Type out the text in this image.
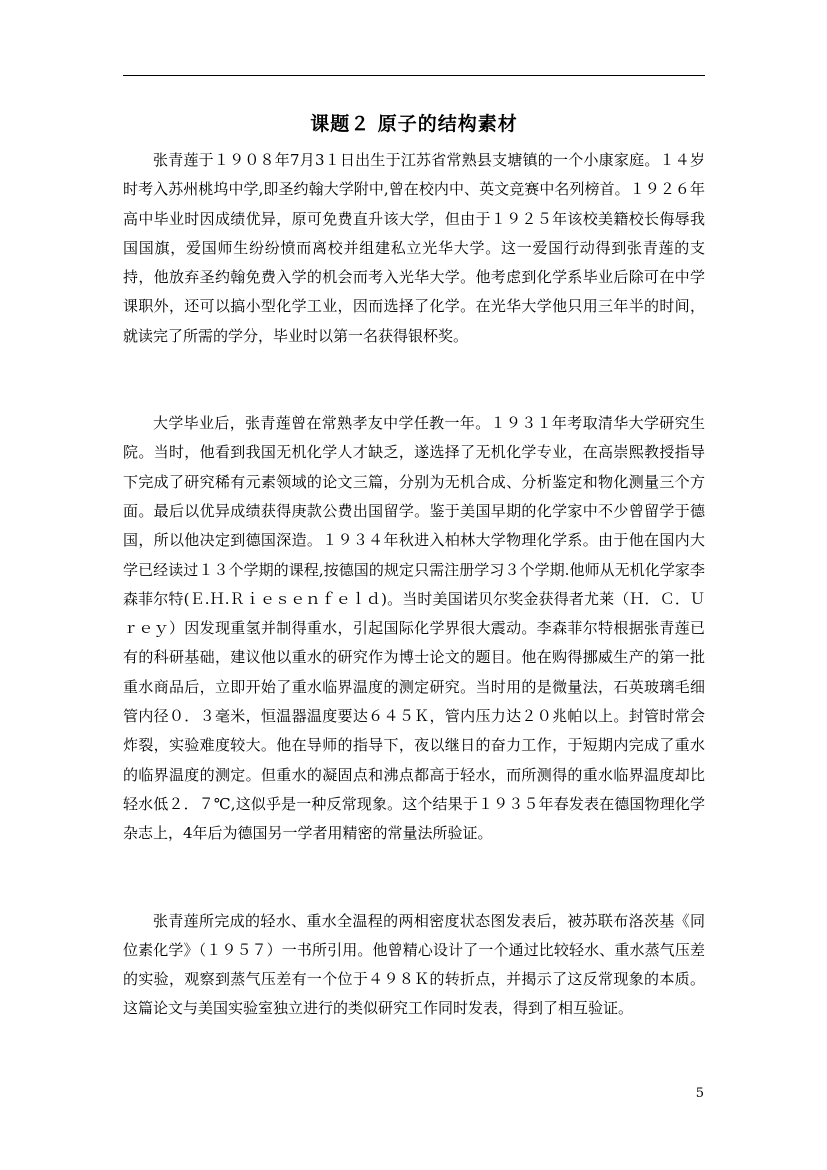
课题２ 原子的结构素材

张青莲于１９０８年7月3１日出生于江苏省常熟县支塘镇的一个小康家庭。１４岁时考入苏州桃坞中学,即圣约翰大学附中,曾在校内中、英文竞赛中名列榜首。１９２６年高中毕业时因成绩优异，原可免费直升该大学，但由于１９２５年该校美籍校长侮辱我国国旗，爱国师生纷纷愤而离校并组建私立光华大学。这一爱国行动得到张青莲的支持，他放弃圣约翰免费入学的机会而考入光华大学。他考虑到化学系毕业后除可在中学课职外，还可以搞小型化学工业，因而选择了化学。在光华大学他只用三年半的时间，就读完了所需的学分，毕业时以第一名获得银杯奖。

大学毕业后，张青莲曾在常熟孝友中学任教一年。１９３１年考取清华大学研究生院。当时，他看到我国无机化学人才缺乏，遂选择了无机化学专业，在高崇熙教授指导下完成了研究稀有元素领域的论文三篇，分别为无机合成、分析鉴定和物化测量三个方面。最后以优异成绩获得庚款公费出国留学。鉴于美国早期的化学家中不少曾留学于德国，所以他决定到德国深造。１９３４年秋进入柏林大学物理化学系。由于他在国内大学已经读过１３个学期的课程,按德国的规定只需注册学习３个学期.他师从无机化学家李森菲尔特(Ｅ.Ｈ.Ｒｉｅｓｅｎｆｅｌｄ)。当时美国诺贝尔奖金获得者尤莱（Ｈ．Ｃ．Ｕｒｅｙ）因发现重氢并制得重水，引起国际化学界很大震动。李森菲尔特根据张青莲已有的科研基础，建议他以重水的研究作为博士论文的题目。他在购得挪威生产的第一批重水商品后，立即开始了重水临界温度的测定研究。当时用的是微量法，石英玻璃毛细管内径０．３毫米，恒温器温度要达６４５Ｋ，管内压力达２０兆帕以上。封管时常会炸裂，实验难度较大。他在导师的指导下，夜以继日的奋力工作，于短期内完成了重水的临界温度的测定。但重水的凝固点和沸点都高于轻水，而所测得的重水临界温度却比轻水低２．７℃,这似乎是一种反常现象。这个结果于１９３５年春发表在德国物理化学杂志上，4年后为德国另一学者用精密的常量法所验证。

张青莲所完成的轻水、重水全温程的两相密度状态图发表后，被苏联布洛茨基《同位素化学》（１９５７）一书所引用。他曾精心设计了一个通过比较轻水、重水蒸气压差的实验，观察到蒸气压差有一个位于４９８Ｋ的转折点，并揭示了这反常现象的本质。这篇论文与美国实验室独立进行的类似研究工作同时发表，得到了相互验证。

5
